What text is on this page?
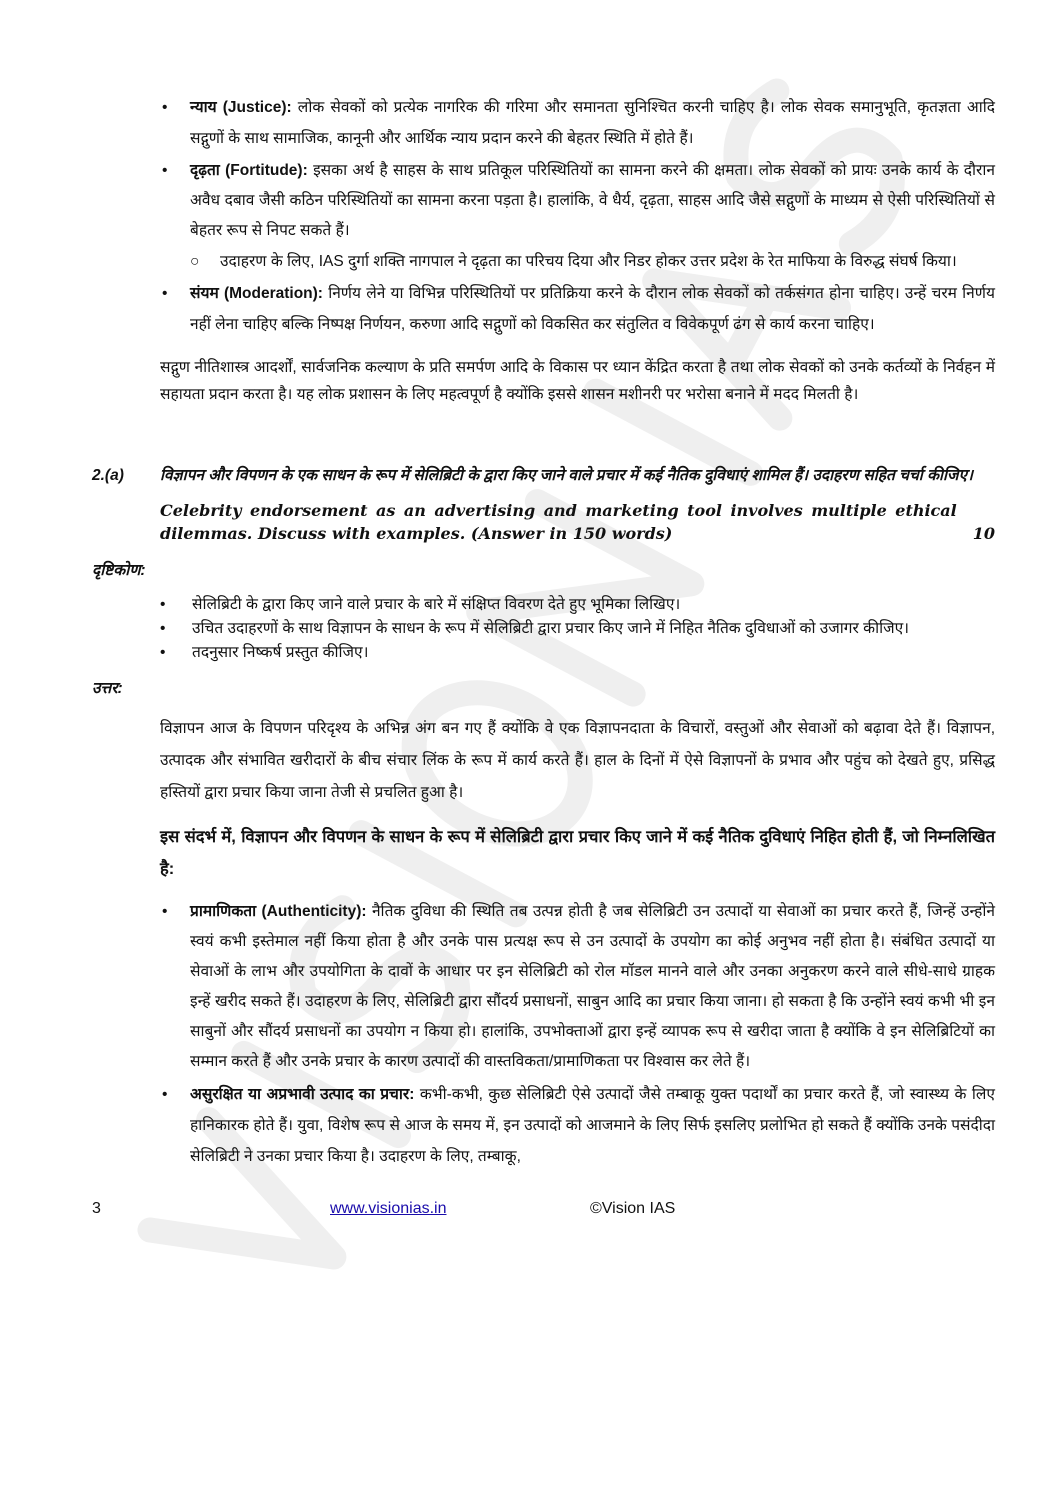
•	न्याय (Justice): लोक सेवकों को प्रत्येक नागरिक की गरिमा और समानता सुनिश्चित करनी चाहिए है। लोक सेवक समानुभूति, कृतज्ञता आदि सद्गुणों के साथ सामाजिक, कानूनी और आर्थिक न्याय प्रदान करने की बेहतर स्थिति में होते हैं।
•	दृढ़ता (Fortitude): इसका अर्थ है साहस के साथ प्रतिकूल परिस्थितियों का सामना करने की क्षमता। लोक सेवकों को प्रायः उनके कार्य के दौरान अवैध दबाव जैसी कठिन परिस्थितियों का सामना करना पड़ता है। हालांकि, वे धैर्य, दृढ़ता, साहस आदि जैसे सद्गुणों के माध्यम से ऐसी परिस्थितियों से बेहतर रूप से निपट सकते हैं।
○	उदाहरण के लिए, IAS दुर्गा शक्ति नागपाल ने दृढ़ता का परिचय दिया और निडर होकर उत्तर प्रदेश के रेत माफिया के विरुद्ध संघर्ष किया।
•	संयम (Moderation): निर्णय लेने या विभिन्न परिस्थितियों पर प्रतिक्रिया करने के दौरान लोक सेवकों को तर्कसंगत होना चाहिए। उन्हें चरम निर्णय नहीं लेना चाहिए बल्कि निष्पक्ष निर्णयन, करुणा आदि सद्गुणों को विकसित कर संतुलित व विवेकपूर्ण ढंग से कार्य करना चाहिए।
सद्गुण नीतिशास्त्र आदर्शों, सार्वजनिक कल्याण के प्रति समर्पण आदि के विकास पर ध्यान केंद्रित करता है तथा लोक सेवकों को उनके कर्तव्यों के निर्वहन में सहायता प्रदान करता है। यह लोक प्रशासन के लिए महत्वपूर्ण है क्योंकि इससे शासन मशीनरी पर भरोसा बनाने में मदद मिलती है।
2.(a)	विज्ञापन और विपणन के एक साधन के रूप में सेलिब्रिटी के द्वारा किए जाने वाले प्रचार में कई नैतिक दुविधाएं शामिल हैं। उदाहरण सहित चर्चा कीजिए।
Celebrity endorsement as an advertising and marketing tool involves multiple ethical dilemmas. Discuss with examples. (Answer in 150 words)	10
दृष्टिकोण:
•	सेलिब्रिटी के द्वारा किए जाने वाले प्रचार के बारे में संक्षिप्त विवरण देते हुए भूमिका लिखिए।
•	उचित उदाहरणों के साथ विज्ञापन के साधन के रूप में सेलिब्रिटी द्वारा प्रचार किए जाने में निहित नैतिक दुविधाओं को उजागर कीजिए।
•	तदनुसार निष्कर्ष प्रस्तुत कीजिए।
उत्तर:
विज्ञापन आज के विपणन परिदृश्य के अभिन्न अंग बन गए हैं क्योंकि वे एक विज्ञापनदाता के विचारों, वस्तुओं और सेवाओं को बढ़ावा देते हैं। विज्ञापन, उत्पादक और संभावित खरीदारों के बीच संचार लिंक के रूप में कार्य करते हैं। हाल के दिनों में ऐसे विज्ञापनों के प्रभाव और पहुंच को देखते हुए, प्रसिद्ध हस्तियों द्वारा प्रचार किया जाना तेजी से प्रचलित हुआ है।
इस संदर्भ में, विज्ञापन और विपणन के साधन के रूप में सेलिब्रिटी द्वारा प्रचार किए जाने में कई नैतिक दुविधाएं निहित होती हैं, जो निम्नलिखित है:
•	प्रामाणिकता (Authenticity): नैतिक दुविधा की स्थिति तब उत्पन्न होती है जब सेलिब्रिटी उन उत्पादों या सेवाओं का प्रचार करते हैं, जिन्हें उन्होंने स्वयं कभी इस्तेमाल नहीं किया होता है और उनके पास प्रत्यक्ष रूप से उन उत्पादों के उपयोग का कोई अनुभव नहीं होता है। संबंधित उत्पादों या सेवाओं के लाभ और उपयोगिता के दावों के आधार पर इन सेलिब्रिटी को रोल मॉडल मानने वाले और उनका अनुकरण करने वाले सीधे-साधे ग्राहक इन्हें खरीद सकते हैं। उदाहरण के लिए, सेलिब्रिटी द्वारा सौंदर्य प्रसाधनों, साबुन आदि का प्रचार किया जाना। हो सकता है कि उन्होंने स्वयं कभी भी इन साबुनों और सौंदर्य प्रसाधनों का उपयोग न किया हो। हालांकि, उपभोक्ताओं द्वारा इन्हें व्यापक रूप से खरीदा जाता है क्योंकि वे इन सेलिब्रिटियों का सम्मान करते हैं और उनके प्रचार के कारण उत्पादों की वास्तविकता/प्रामाणिकता पर विश्वास कर लेते हैं।
•	असुरक्षित या अप्रभावी उत्पाद का प्रचार: कभी-कभी, कुछ सेलिब्रिटी ऐसे उत्पादों जैसे तम्बाकू युक्त पदार्थों का प्रचार करते हैं, जो स्वास्थ्य के लिए हानिकारक होते हैं। युवा, विशेष रूप से आज के समय में, इन उत्पादों को आजमाने के लिए सिर्फ इसलिए प्रलोभित हो सकते हैं क्योंकि उनके पसंदीदा सेलिब्रिटी ने उनका प्रचार किया है। उदाहरण के लिए, तम्बाकू,
3	www.visionias.in	©Vision IAS
